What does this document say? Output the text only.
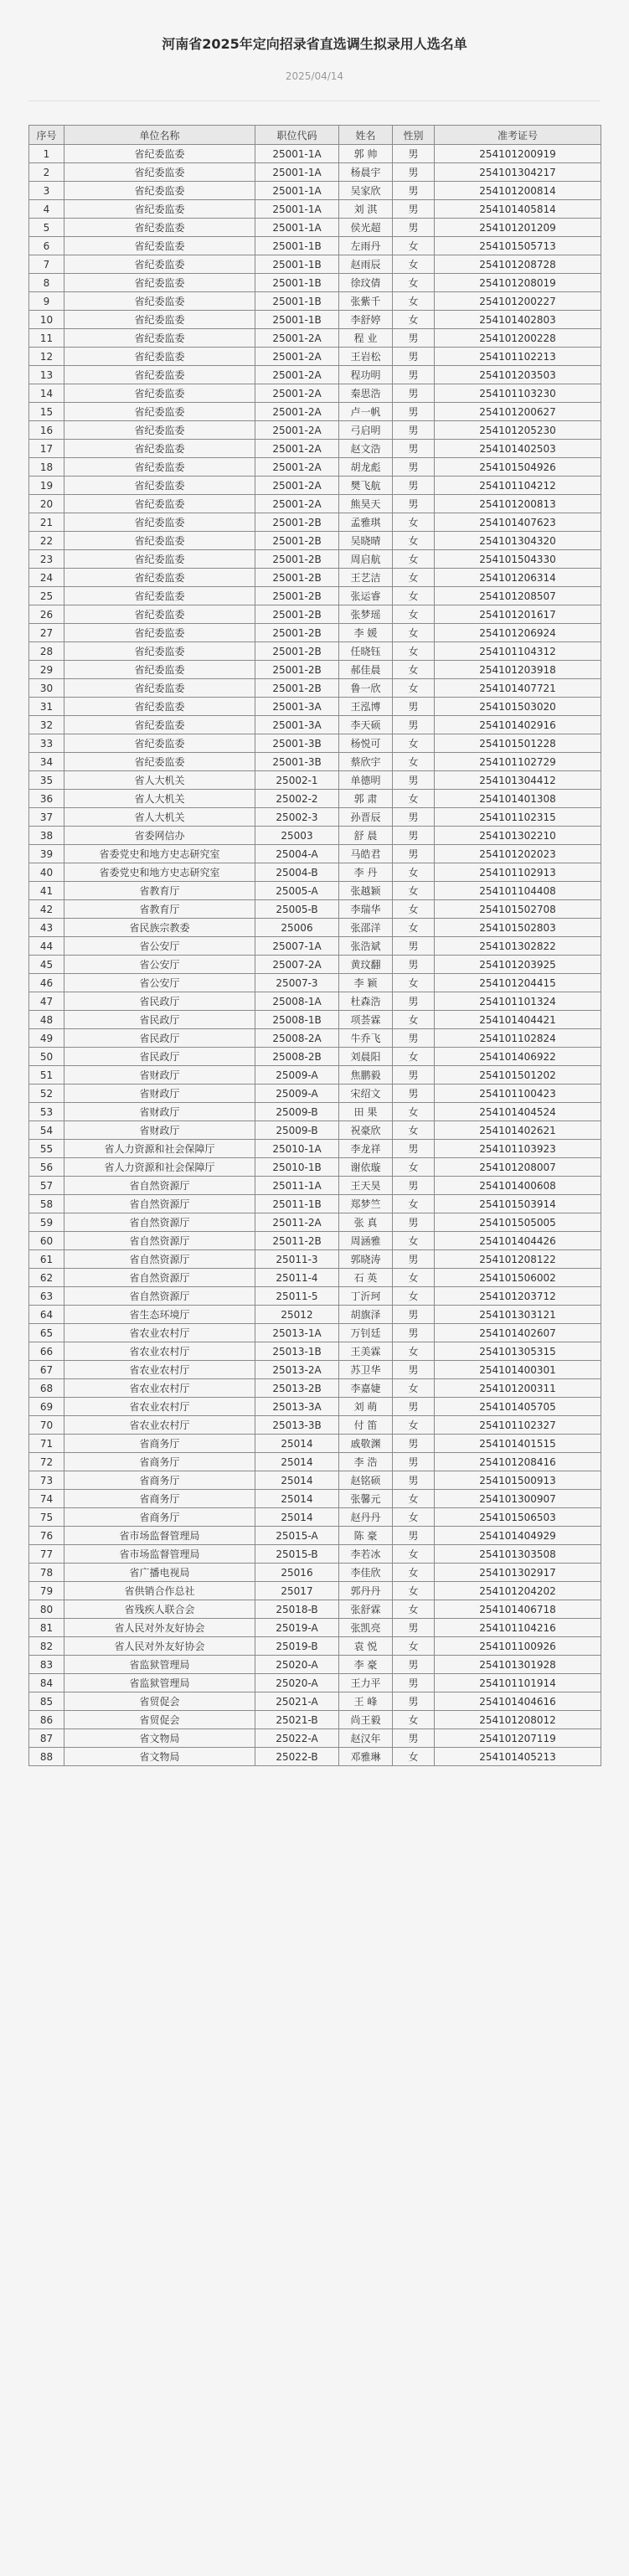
河南省2025年定向招录省直选调生拟录用人选名单
2025/04/14
序号	单位名称	职位代码	姓名	性别	准考证号
1	省纪委监委	25001-1A	郭 帅	男	254101200919
2	省纪委监委	25001-1A	杨晨宇	男	254101304217
3	省纪委监委	25001-1A	吴家欣	男	254101200814
4	省纪委监委	25001-1A	刘 淇	男	254101405814
5	省纪委监委	25001-1A	侯光超	男	254101201209
6	省纪委监委	25001-1B	左雨丹	女	254101505713
7	省纪委监委	25001-1B	赵雨辰	女	254101208728
8	省纪委监委	25001-1B	徐玟倩	女	254101208019
9	省纪委监委	25001-1B	张紫千	女	254101200227
10	省纪委监委	25001-1B	李舒婷	女	254101402803
11	省纪委监委	25001-2A	程 业	男	254101200228
12	省纪委监委	25001-2A	王岩松	男	254101102213
13	省纪委监委	25001-2A	程功明	男	254101203503
14	省纪委监委	25001-2A	秦思浩	男	254101103230
15	省纪委监委	25001-2A	卢一帆	男	254101200627
16	省纪委监委	25001-2A	弓启明	男	254101205230
17	省纪委监委	25001-2A	赵文浩	男	254101402503
18	省纪委监委	25001-2A	胡龙彪	男	254101504926
19	省纪委监委	25001-2A	樊飞航	男	254101104212
20	省纪委监委	25001-2A	熊昊天	男	254101200813
21	省纪委监委	25001-2B	孟雅琪	女	254101407623
22	省纪委监委	25001-2B	吴晓晴	女	254101304320
23	省纪委监委	25001-2B	周启航	女	254101504330
24	省纪委监委	25001-2B	王艺洁	女	254101206314
25	省纪委监委	25001-2B	张运睿	女	254101208507
26	省纪委监委	25001-2B	张梦瑶	女	254101201617
27	省纪委监委	25001-2B	李 媛	女	254101206924
28	省纪委监委	25001-2B	任晓钰	女	254101104312
29	省纪委监委	25001-2B	郝佳晨	女	254101203918
30	省纪委监委	25001-2B	鲁一欣	女	254101407721
31	省纪委监委	25001-3A	王泓博	男	254101503020
32	省纪委监委	25001-3A	李天硕	男	254101402916
33	省纪委监委	25001-3B	杨悦可	女	254101501228
34	省纪委监委	25001-3B	蔡欣宇	女	254101102729
35	省人大机关	25002-1	单德明	男	254101304412
36	省人大机关	25002-2	郭 肃	女	254101401308
37	省人大机关	25002-3	孙晋辰	男	254101102315
38	省委网信办	25003	舒 晨	男	254101302210
39	省委党史和地方史志研究室	25004-A	马皓君	男	254101202023
40	省委党史和地方史志研究室	25004-B	李 丹	女	254101102913
41	省教育厅	25005-A	张越颖	女	254101104408
42	省教育厅	25005-B	李瑞华	女	254101502708
43	省民族宗教委	25006	张邵洋	女	254101502803
44	省公安厅	25007-1A	张浩斌	男	254101302822
45	省公安厅	25007-2A	黄玟翻	男	254101203925
46	省公安厅	25007-3	李 颖	女	254101204415
47	省民政厅	25008-1A	杜森浩	男	254101101324
48	省民政厅	25008-1B	项荟霖	女	254101404421
49	省民政厅	25008-2A	牛乔飞	男	254101102824
50	省民政厅	25008-2B	刘晨阳	女	254101406922
51	省财政厅	25009-A	焦鹏毅	男	254101501202
52	省财政厅	25009-A	宋绍文	男	254101100423
53	省财政厅	25009-B	田 果	女	254101404524
54	省财政厅	25009-B	祝豪欣	女	254101402621
55	省人力资源和社会保障厅	25010-1A	李龙祥	男	254101103923
56	省人力资源和社会保障厅	25010-1B	谢依璇	女	254101208007
57	省自然资源厅	25011-1A	王天昊	男	254101400608
58	省自然资源厅	25011-1B	郑梦竺	女	254101503914
59	省自然资源厅	25011-2A	张 真	男	254101505005
60	省自然资源厅	25011-2B	周涵雅	女	254101404426
61	省自然资源厅	25011-3	郭晓涛	男	254101208122
62	省自然资源厅	25011-4	石 英	女	254101506002
63	省自然资源厅	25011-5	丁沂珂	女	254101203712
64	省生态环境厅	25012	胡旗泽	男	254101303121
65	省农业农村厅	25013-1A	万钊廷	男	254101402607
66	省农业农村厅	25013-1B	王美霖	女	254101305315
67	省农业农村厅	25013-2A	苏卫华	男	254101400301
68	省农业农村厅	25013-2B	李嘉婕	女	254101200311
69	省农业农村厅	25013-3A	刘 萌	男	254101405705
70	省农业农村厅	25013-3B	付 笛	女	254101102327
71	省商务厅	25014	戚敬渊	男	254101401515
72	省商务厅	25014	李 浩	男	254101208416
73	省商务厅	25014	赵铭硕	男	254101500913
74	省商务厅	25014	张馨元	女	254101300907
75	省商务厅	25014	赵丹丹	女	254101506503
76	省市场监督管理局	25015-A	陈 豪	男	254101404929
77	省市场监督管理局	25015-B	李若冰	女	254101303508
78	省广播电视局	25016	李佳欣	女	254101302917
79	省供销合作总社	25017	郭丹丹	女	254101204202
80	省残疾人联合会	25018-B	张舒霖	女	254101406718
81	省人民对外友好协会	25019-A	张凯亮	男	254101104216
82	省人民对外友好协会	25019-B	袁 悦	女	254101100926
83	省监狱管理局	25020-A	李 豪	男	254101301928
84	省监狱管理局	25020-A	王力平	男	254101101914
85	省贸促会	25021-A	王 峰	男	254101404616
86	省贸促会	25021-B	尚王毅	女	254101208012
87	省文物局	25022-A	赵汉年	男	254101207119
88	省文物局	25022-B	邓雅琳	女	254101405213
